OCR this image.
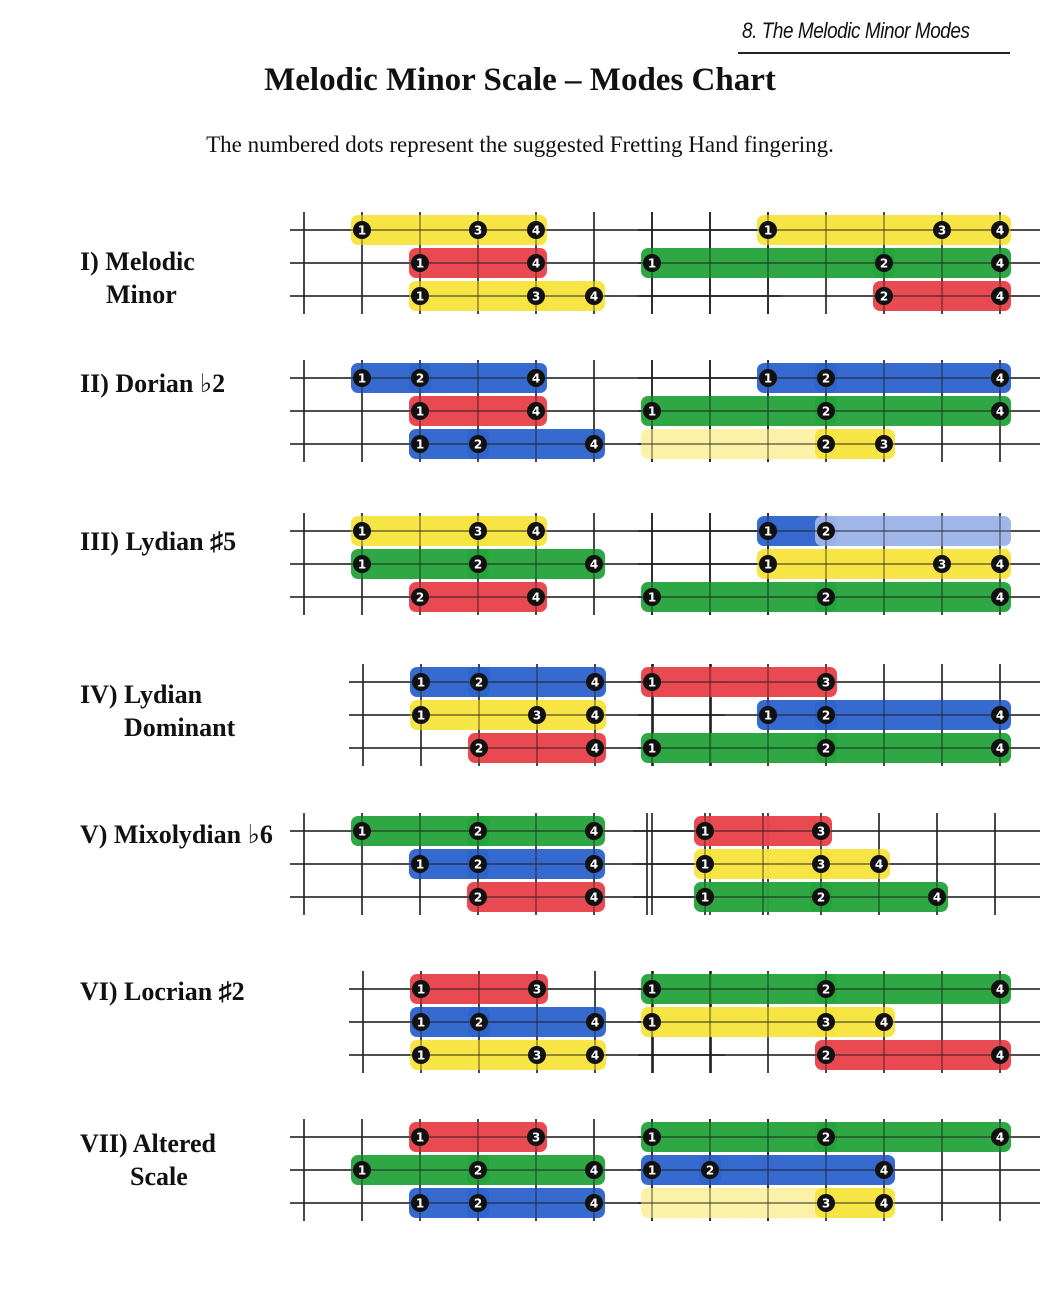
8. The Melodic Minor Modes
Melodic Minor Scale – Modes Chart

The numbered dots represent the suggested Fretting Hand fingering.

I) Melodic
Minor
II) Dorian ♭2
III) Lydian ♯5
IV) Lydian
Dominant
V) Mixolydian ♭6
VI) Locrian ♯2
VII) Altered
Scale
1	3	4
1	4
1	3	4
1	3	4
1	2	4
2	4
1	2	4
1	4
1	2	4
1	2	4
1	2	4
2	3
1	3	4
1	2	4
2	4
1	2
1	3	4
1	2	4
1	2	4
1	3	4
2	4
1	3
1	2	4
1	2	4
1	2	4
1	2	4
2	4
1	3
1	3	4
1	2	4
1	3
1	2	4
1	3	4
1	2	4
1	3	4
2	4
1	3
1	2	4
1	2	4
1	2	4
1	2	4
3	4
